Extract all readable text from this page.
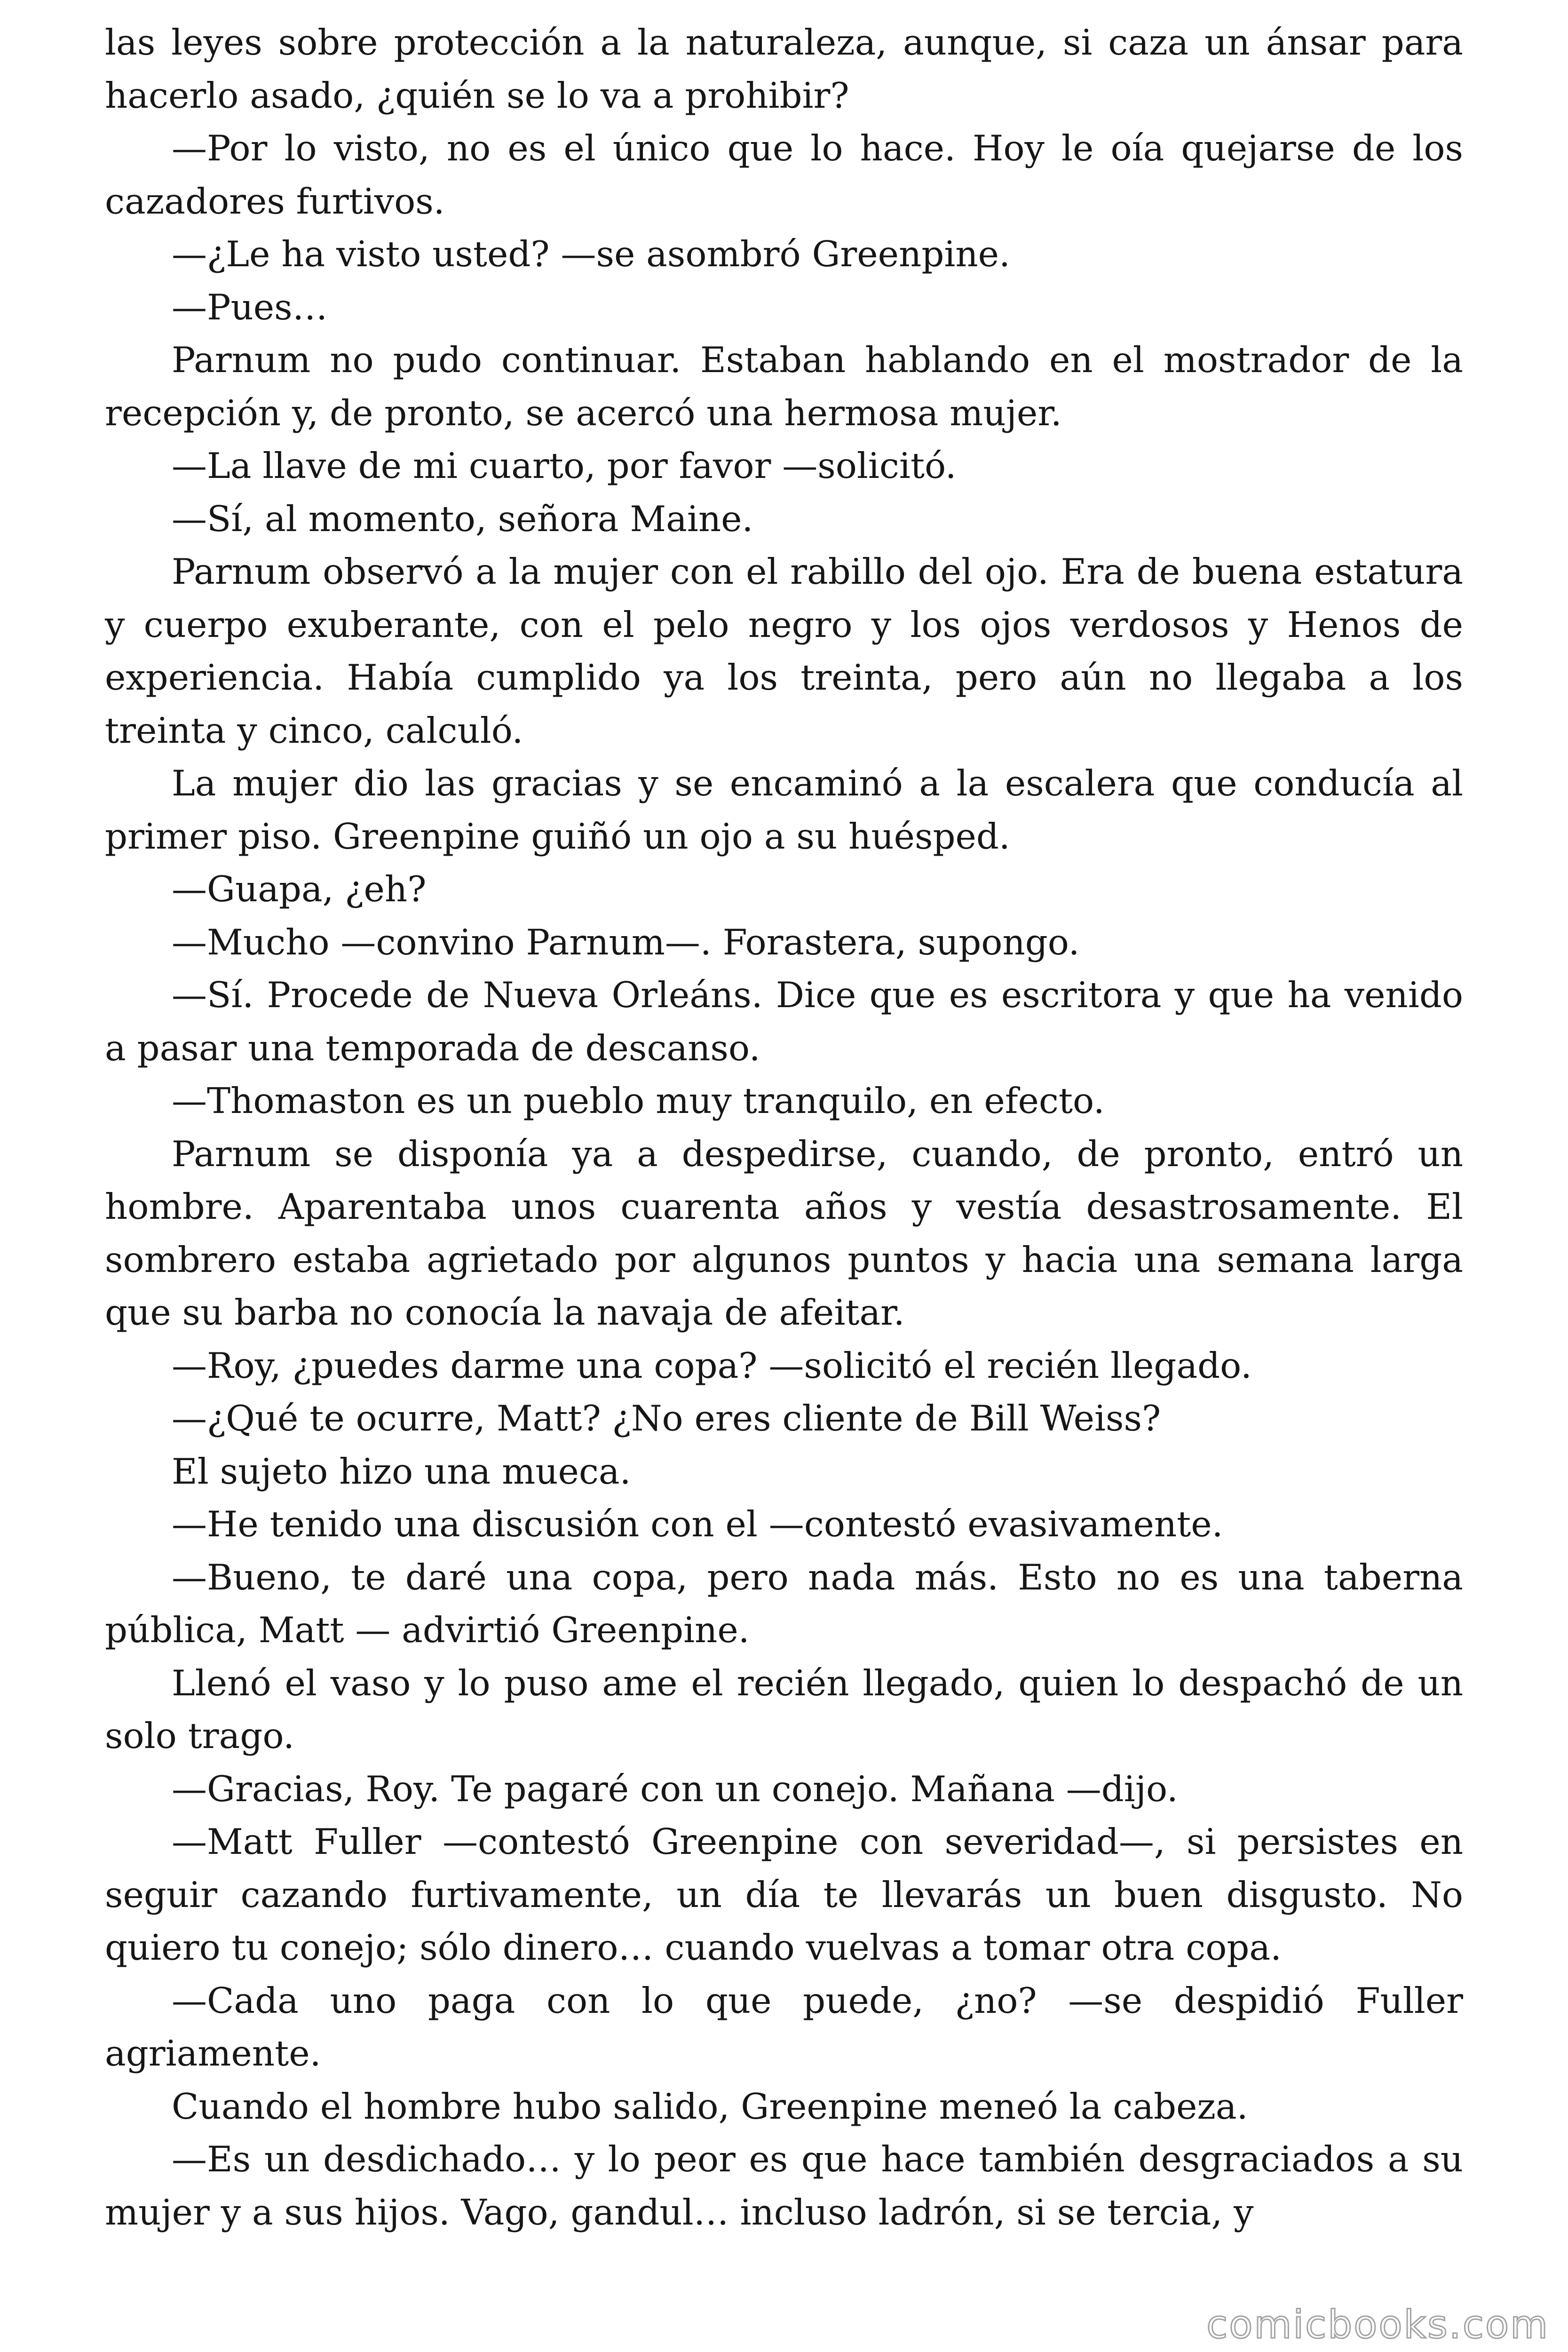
las leyes sobre protección a la naturaleza, aunque, si caza un ánsar para hacerlo asado, ¿quién se lo va a prohibir?

—Por lo visto, no es el único que lo hace. Hoy le oía quejarse de los cazadores furtivos.

—¿Le ha visto usted? —se asombró Greenpine.

—Pues…

Parnum no pudo continuar. Estaban hablando en el mostrador de la recepción y, de pronto, se acercó una hermosa mujer.

—La llave de mi cuarto, por favor —solicitó.

—Sí, al momento, señora Maine.

Parnum observó a la mujer con el rabillo del ojo. Era de buena estatura y cuerpo exuberante, con el pelo negro y los ojos verdosos y Henos de experiencia. Había cumplido ya los treinta, pero aún no llegaba a los treinta y cinco, calculó.

La mujer dio las gracias y se encaminó a la escalera que conducía al primer piso. Greenpine guiñó un ojo a su huésped.

—Guapa, ¿eh?

—Mucho —convino Parnum—. Forastera, supongo.

—Sí. Procede de Nueva Orleáns. Dice que es escritora y que ha venido a pasar una temporada de descanso.

—Thomaston es un pueblo muy tranquilo, en efecto.

Parnum se disponía ya a despedirse, cuando, de pronto, entró un hombre. Aparentaba unos cuarenta años y vestía desastrosamente. El sombrero estaba agrietado por algunos puntos y hacia una semana larga que su barba no conocía la navaja de afeitar.

—Roy, ¿puedes darme una copa? —solicitó el recién llegado.

—¿Qué te ocurre, Matt? ¿No eres cliente de Bill Weiss?

El sujeto hizo una mueca.

—He tenido una discusión con el —contestó evasivamente.

—Bueno, te daré una copa, pero nada más. Esto no es una taberna pública, Matt — advirtió Greenpine.

Llenó el vaso y lo puso ame el recién llegado, quien lo despachó de un solo trago.

—Gracias, Roy. Te pagaré con un conejo. Mañana —dijo.

—Matt Fuller —contestó Greenpine con severidad—, si persistes en seguir cazando furtivamente, un día te llevarás un buen disgusto. No quiero tu conejo; sólo dinero… cuando vuelvas a tomar otra copa.

—Cada uno paga con lo que puede, ¿no? —se despidió Fuller agriamente.

Cuando el hombre hubo salido, Greenpine meneó la cabeza.

—Es un desdichado… y lo peor es que hace también desgraciados a su mujer y a sus hijos. Vago, gandul… incluso ladrón, si se tercia, y

comicbooks.com
